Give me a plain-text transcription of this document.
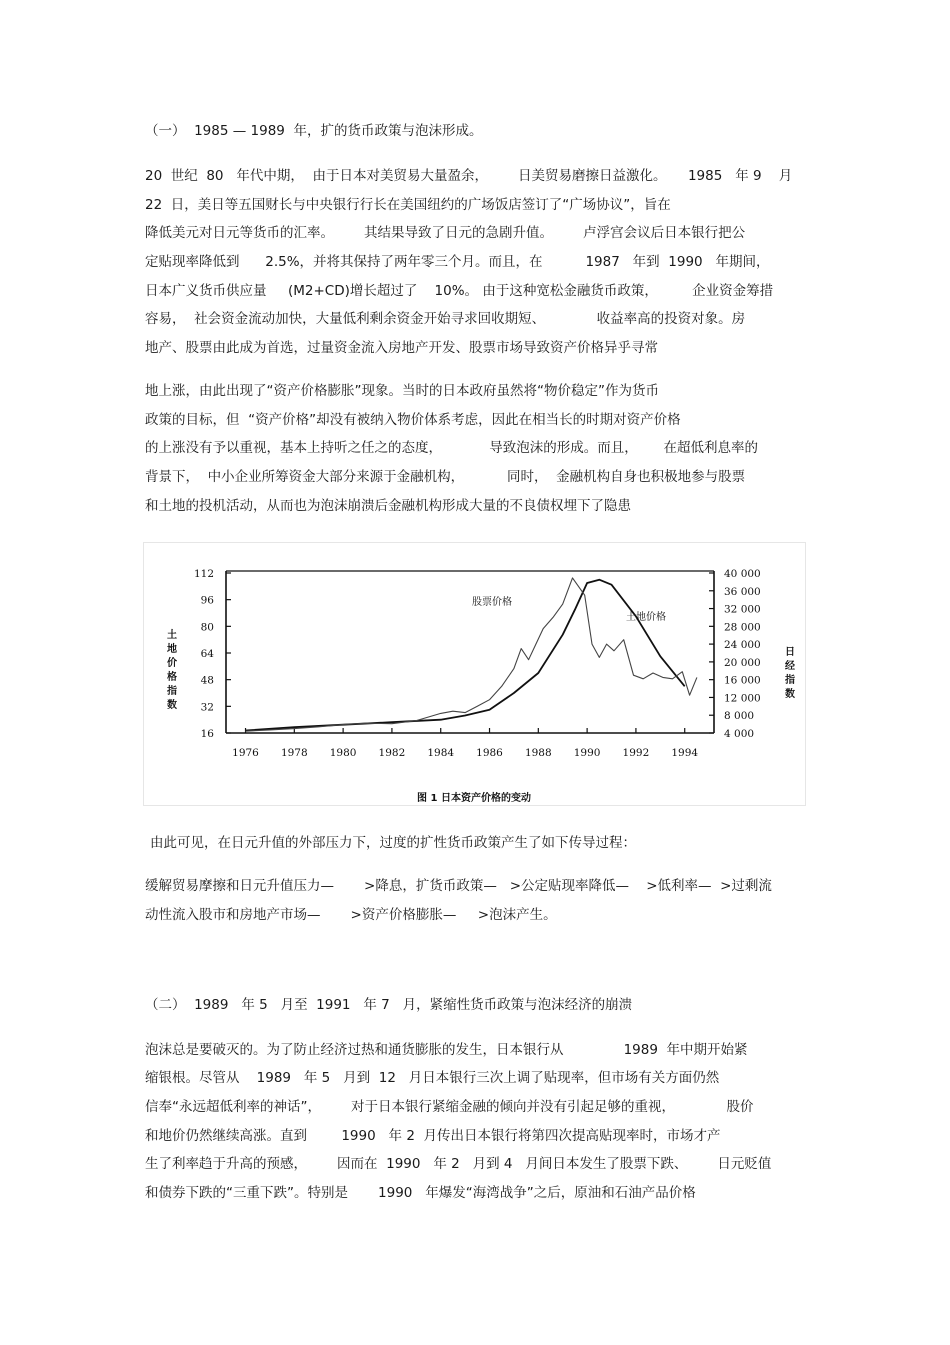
（一）  1985 — 1989  年，扩的货币政策与泡沫形成。
20  世纪  80   年代中期，  由于日本对美贸易大量盈余，       日美贸易磨擦日益激化。     1985   年 9    月
22  日，美日等五国财长与中央银行行长在美国纽约的广场饭店签订了“广场协议”，旨在
降低美元对日元等货币的汇率。       其结果导致了日元的急剧升值。       卢浮宫会议后日本银行把公
定贴现率降低到      2.5%，并将其保持了两年零三个月。而且，在          1987   年到  1990   年期间，
日本广义货币供应量     (M2+CD)增长超过了    10%。 由于这种宽松金融货币政策，        企业资金筹措
容易，  社会资金流动加快，大量低利剩余资金开始寻求回收期短、            收益率高的投资对象。房
地产、股票由此成为首选，过量资金流入房地产开发、股票市场导致资产价格异乎寻常
地上涨，由此出现了“资产价格膨胀”现象。当时的日本政府虽然将“物价稳定”作为货币
政策的目标，但  “资产价格”却没有被纳入物价体系考虑，因此在相当长的时期对资产价格
的上涨没有予以重视，基本上持听之任之的态度，           导致泡沫的形成。而且，      在超低利息率的
背景下，  中小企业所筹资金大部分来源于金融机构，          同时，  金融机构自身也积极地参与股票
和土地的投机活动，从而也为泡沫崩溃后金融机构形成大量的不良债权埋下了隐患
16
32
48
64
80
96
112
4 000
8 000
12 000
16 000
20 000
24 000
28 000
32 000
36 000
40 000
1976 1978 1980 1982 1984 1986 1988 1990 1992 1994
土地价格指数
日经指数
股票价格
土地价格
图 1 日本资产价格的变动
由此可见，在日元升值的外部压力下，过度的扩性货币政策产生了如下传导过程：
缓解贸易摩擦和日元升值压力—       >降息，扩货币政策—   >公定贴现率降低—    >低利率—  >过剩流
动性流入股市和房地产市场—       >资产价格膨胀—     >泡沫产生。
（二）  1989   年 5   月至  1991   年 7   月，紧缩性货币政策与泡沫经济的崩溃
泡沫总是要破灭的。为了防止经济过热和通货膨胀的发生，日本银行从              1989  年中期开始紧
缩银根。尽管从    1989   年 5   月到  12   月日本银行三次上调了贴现率，但市场有关方面仍然
信奉“永远超低利率的神话”，       对于日本银行紧缩金融的倾向并没有引起足够的重视，            股价
和地价仍然继续高涨。直到        1990   年 2  月传出日本银行将第四次提高贴现率时，市场才产
生了利率趋于升高的预感，       因而在  1990   年 2   月到 4   月间日本发生了股票下跌、       日元贬值
和债券下跌的“三重下跌”。特别是       1990   年爆发“海湾战争”之后，原油和石油产品价格
